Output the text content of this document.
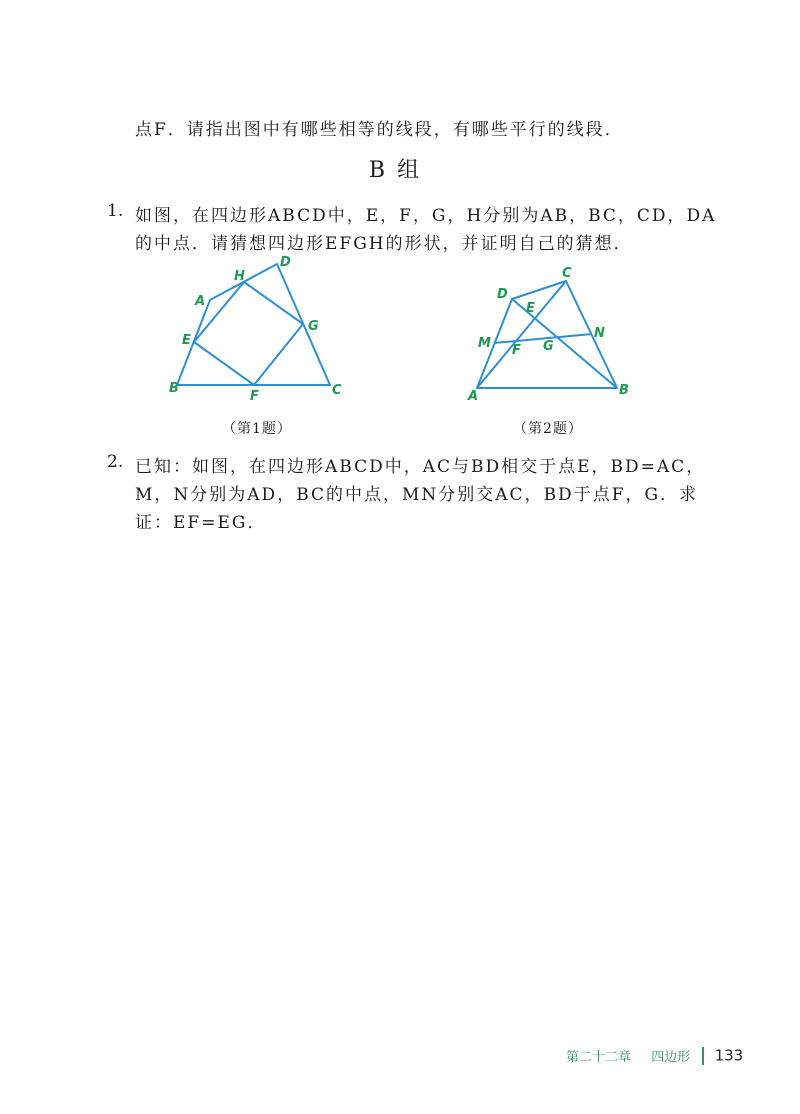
点F．请指出图中有哪些相等的线段，有哪些平行的线段．
B组
1. 如图，在四边形ABCD中，E，F，G，H分别为AB，BC，CD，DA
的中点．请猜想四边形EFGH的形状，并证明自己的猜想．
A
H
D
E
G
B
F	C
C
D
E
N
M F G
A	B
（第1题）	（第2题）
2. 已知：如图，在四边形ABCD中，AC与BD相交于点E，BD=AC，
M，N分别为AD，BC的中点，MN分别交AC，BD于点F，G．求
证：EF=EG．
第二十二章 四边形 133
